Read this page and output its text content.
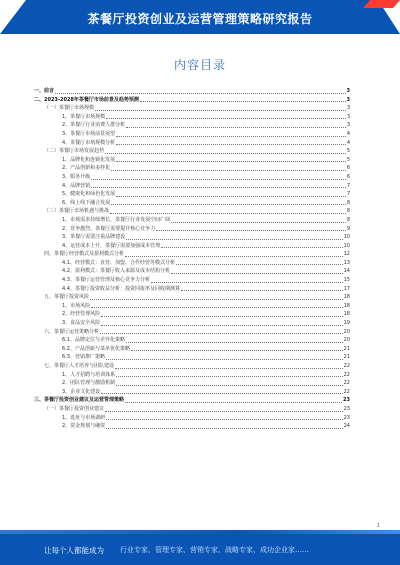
茶餐厅投资创业及运营管理策略研究报告
内容目录
一、前言	3
二、2023-2028年茶餐厅市场前景及趋势预测	3
（一）茶餐厅市场规模	3
1、茶餐厅市场规模	3
2、茶餐厅行业消费人群分析	3
3、茶餐厅市场前景展望	4
4、茶餐厅市场规模分析	4
（二）茶餐厅市场发展趋势	5
1、品牌化和连锁化发展	5
2、产品创新和多样化	6
3、服务升级	6
4、品牌营销	7
5、健康化和绿色化发展	7
6、线上线下融合发展	8
（三）茶餐厅市场机遇与挑战	8
1、市场需求持续增长，茶餐厅行业发展空间广阔	8
2、竞争激烈，茶餐厅需要提升核心竞争力	9
3、茶餐厅需要注重品牌建设	10
4、运营成本上升，茶餐厅需要加强成本管理	10
四、茶餐厅经营模式及盈利模式分析	12
4.1、经营模式：直营、加盟、合作经营等模式分析	13
4.2、盈利模式：茶餐厅收入来源及成本结构分析	14
4.3、茶餐厅运营管理及核心竞争力分析	15
4.4、茶餐厅投资收益分析：投资回报率及回收期测算	17
五、茶餐厅投资风险	18
1、市场风险	18
2、经营管理风险	18
3、食品安全风险	19
六、茶餐厅运营策略分析	20
6.1、品牌定位与差异化策略	20
6.2、产品创新与菜单优化策略	21
6.3、营销推广策略	21
七、茶餐厅人才培养与团队建设	22
1、人才招聘与培训体系	22
2、团队管理与激励机制	22
3、企业文化建设	22
三、茶餐厅投资创业建议及运营管理策略	23
（一）茶餐厅投资创业建议	23
1、选址与市场调研	23
2、资金规划与融资	24
1
让每个人都能成为 行业专家、管理专家、营销专家、战略专家、成功企业家……
